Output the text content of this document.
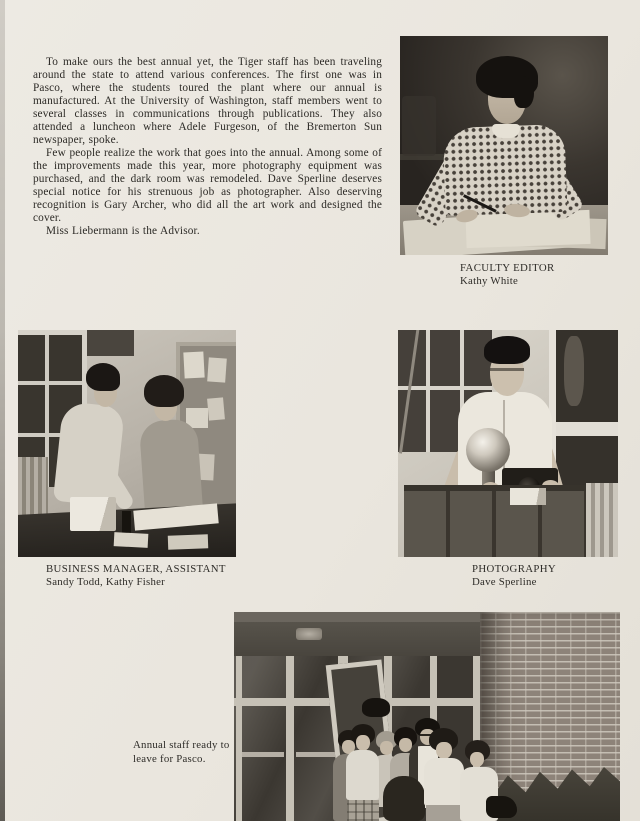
To make ours the best annual yet, the Tiger staff has been traveling around the state to attend various conferences. The first one was in Pasco, where the students toured the plant where our annual is manufactured. At the University of Washington, staff members went to several classes in communications through publications. They also attended a luncheon where Adele Furgeson, of the Bremerton Sun newspaper, spoke.

Few people realize the work that goes into the annual. Among some of the improvements made this year, more photography equipment was purchased, and the dark room was remodeled. Dave Sperline deserves special notice for his strenuous job as photographer. Also deserving recognition is Gary Archer, who did all the art work and designed the cover.

Miss Liebermann is the Advisor.

FACULTY EDITOR
Kathy White
BUSINESS MANAGER, ASSISTANT
Sandy Todd, Kathy Fisher
PHOTOGRAPHY
Dave Sperline
Annual staff ready to leave for Pasco.
